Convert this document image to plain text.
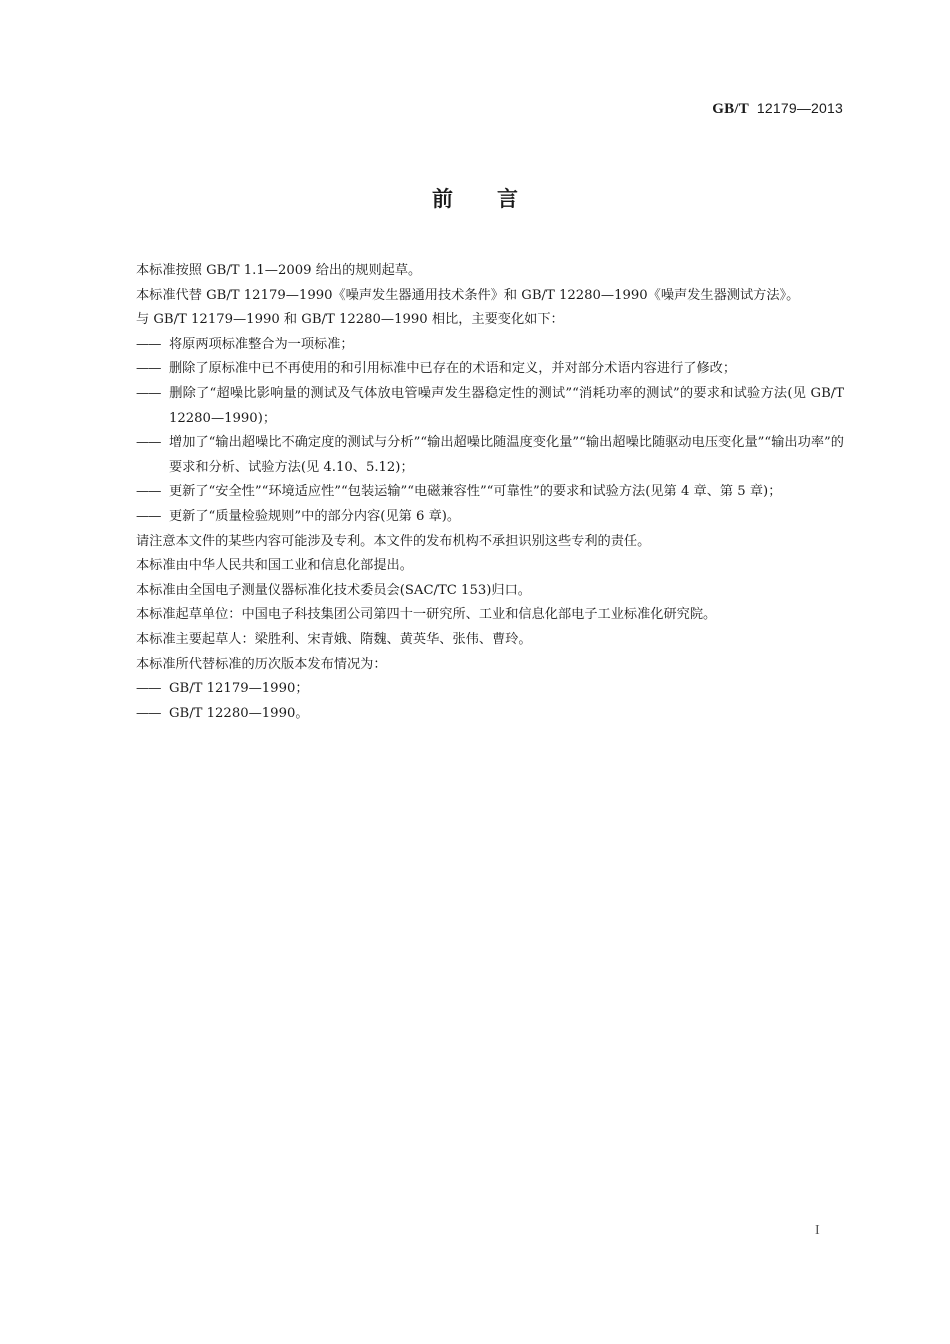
GB/T 12179—2013
前言

本标准按照 GB/T 1.1—2009 给出的规则起草。

本标准代替 GB/T 12179—1990《噪声发生器通用技术条件》和 GB/T 12280—1990《噪声发生器测试方法》。

与 GB/T 12179—1990 和 GB/T 12280—1990 相比，主要变化如下：

—— 将原两项标准整合为一项标准；

—— 删除了原标准中已不再使用的和引用标准中已存在的术语和定义，并对部分术语内容进行了修改；

—— 删除了“超噪比影响量的测试及气体放电管噪声发生器稳定性的测试”“消耗功率的测试”的要求和试验方法(见 GB/T 12280—1990)；

—— 增加了“输出超噪比不确定度的测试与分析”“输出超噪比随温度变化量”“输出超噪比随驱动电压变化量”“输出功率”的要求和分析、试验方法(见 4.10、5.12)；

—— 更新了“安全性”“环境适应性”“包装运输”“电磁兼容性”“可靠性”的要求和试验方法(见第 4 章、第 5 章)；

—— 更新了“质量检验规则”中的部分内容(见第 6 章)。

请注意本文件的某些内容可能涉及专利。本文件的发布机构不承担识别这些专利的责任。

本标准由中华人民共和国工业和信息化部提出。

本标准由全国电子测量仪器标准化技术委员会(SAC/TC 153)归口。

本标准起草单位：中国电子科技集团公司第四十一研究所、工业和信息化部电子工业标准化研究院。

本标准主要起草人：梁胜利、宋青娥、隋魏、黄英华、张伟、曹玲。

本标准所代替标准的历次版本发布情况为：

—— GB/T 12179—1990；

—— GB/T 12280—1990。

I
